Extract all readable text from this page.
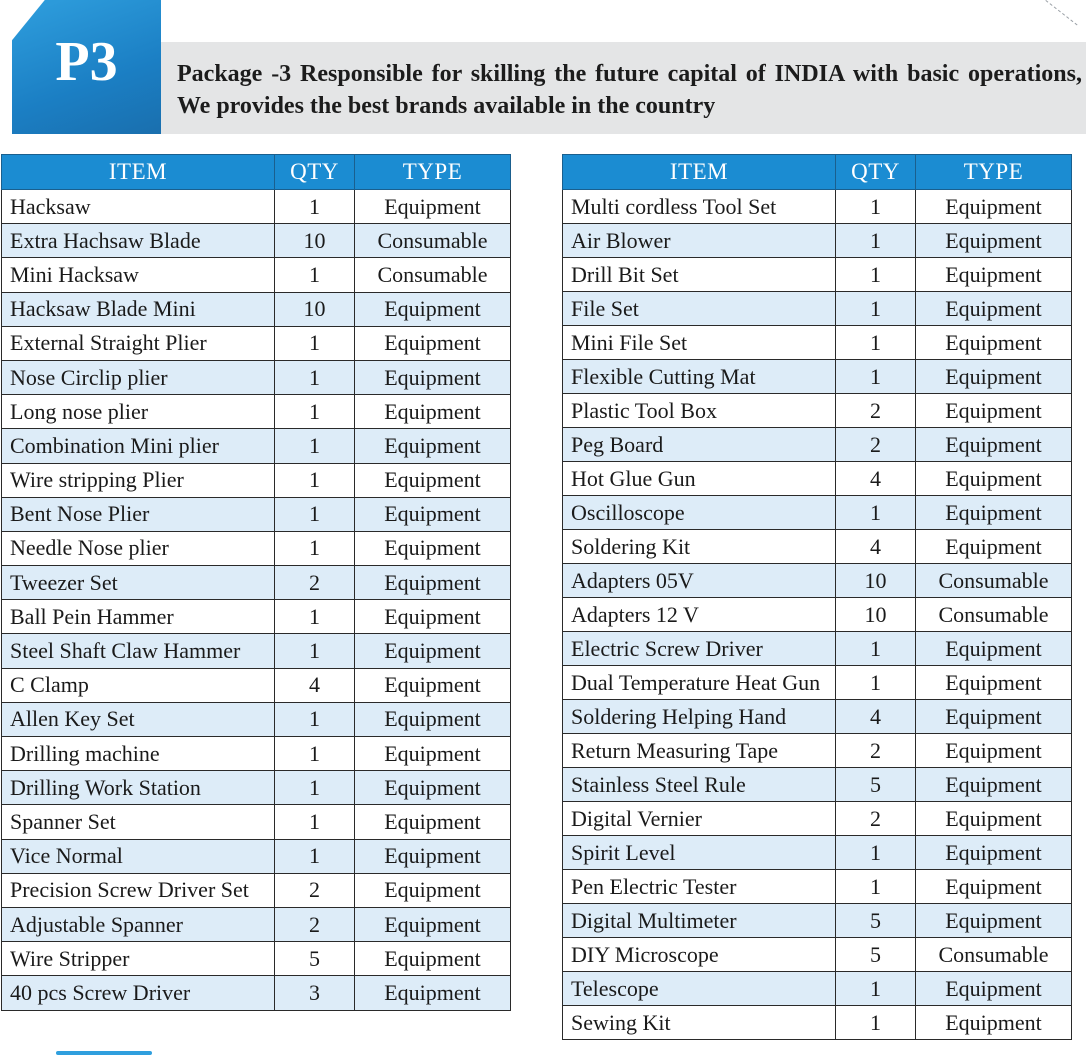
P3	Package -3 Responsible for skilling the future capital of INDIA with basic operations, We provides the best brands available in the country
ITEM	QTY	TYPE
Hacksaw	1	Equipment
Extra Hachsaw Blade	10	Consumable
Mini Hacksaw	1	Consumable
Hacksaw Blade Mini	10	Equipment
External Straight Plier	1	Equipment
Nose Circlip plier	1	Equipment
Long nose plier	1	Equipment
Combination Mini plier	1	Equipment
Wire stripping Plier	1	Equipment
Bent Nose Plier	1	Equipment
Needle Nose plier	1	Equipment
Tweezer Set	2	Equipment
Ball Pein Hammer	1	Equipment
Steel Shaft Claw Hammer	1	Equipment
C Clamp	4	Equipment
Allen Key Set	1	Equipment
Drilling machine	1	Equipment
Drilling Work Station	1	Equipment
Spanner Set	1	Equipment
Vice Normal	1	Equipment
Precision Screw Driver Set	2	Equipment
Adjustable Spanner	2	Equipment
Wire Stripper	5	Equipment
40 pcs Screw Driver	3	Equipment
ITEM	QTY	TYPE
Multi cordless Tool Set	1	Equipment
Air Blower	1	Equipment
Drill Bit Set	1	Equipment
File Set	1	Equipment
Mini File Set	1	Equipment
Flexible Cutting Mat	1	Equipment
Plastic Tool Box	2	Equipment
Peg Board	2	Equipment
Hot Glue Gun	4	Equipment
Oscilloscope	1	Equipment
Soldering Kit	4	Equipment
Adapters 05V	10	Consumable
Adapters 12 V	10	Consumable
Electric Screw Driver	1	Equipment
Dual Temperature Heat Gun	1	Equipment
Soldering Helping Hand	4	Equipment
Return Measuring Tape	2	Equipment
Stainless Steel Rule	5	Equipment
Digital Vernier	2	Equipment
Spirit Level	1	Equipment
Pen Electric Tester	1	Equipment
Digital Multimeter	5	Equipment
DIY Microscope	5	Consumable
Telescope	1	Equipment
Sewing Kit	1	Equipment
